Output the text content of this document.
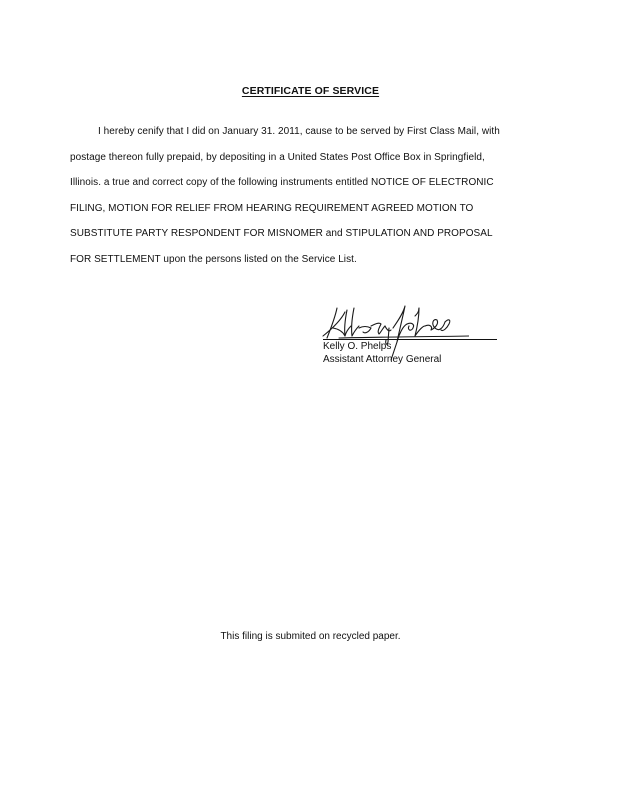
CERTIFICATE OF SERVICE
I hereby cenify that I did on January 31. 2011, cause to be served by First Class Mail, with
postage thereon fully prepaid, by depositing in a United States Post Office Box in Springfield,
Illinois. a true and correct copy of the following instruments entitled NOTICE OF ELECTRONIC
FILING, MOTION FOR RELIEF FROM HEARING REQUIREMENT AGREED MOTION TO
SUBSTITUTE PARTY RESPONDENT FOR MISNOMER and STIPULATION AND PROPOSAL
FOR SETTLEMENT upon the persons listed on the Service List.
Kelly O. Phelps
Assistant Attorney General
This filing is submited on recycled paper.
